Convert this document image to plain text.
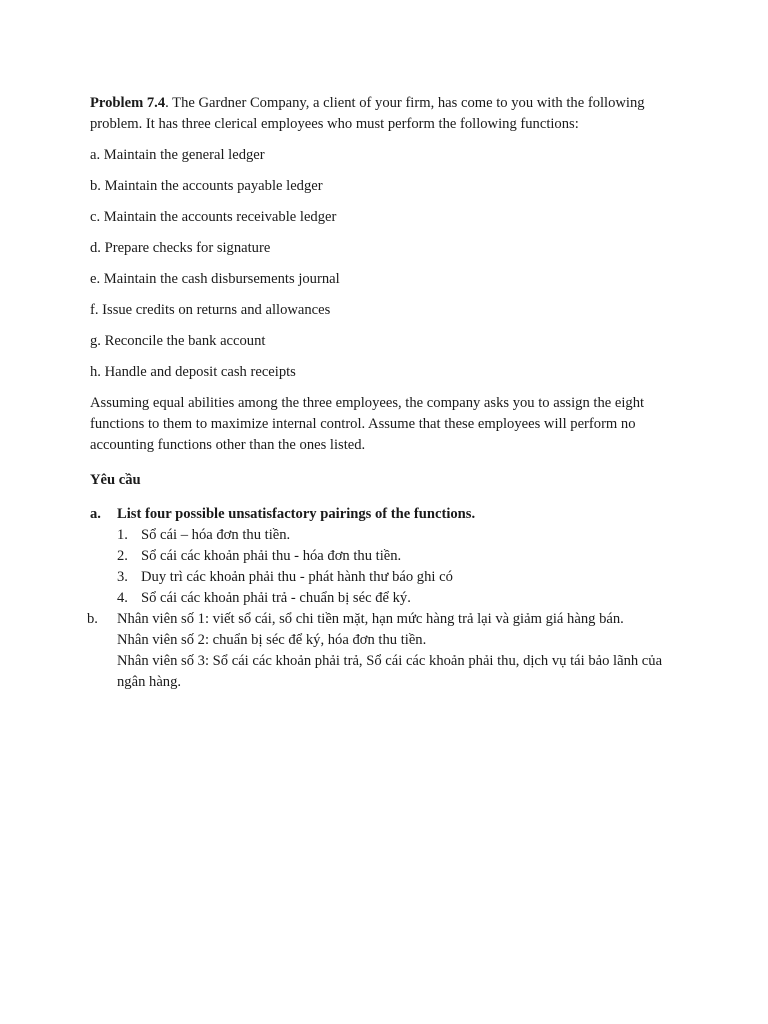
Problem 7.4. The Gardner Company, a client of your firm, has come to you with the following problem. It has three clerical employees who must perform the following functions:

a. Maintain the general ledger

b. Maintain the accounts payable ledger

c. Maintain the accounts receivable ledger

d. Prepare checks for signature

e. Maintain the cash disbursements journal

f. Issue credits on returns and allowances

g. Reconcile the bank account

h. Handle and deposit cash receipts

Assuming equal abilities among the three employees, the company asks you to assign the eight functions to them to maximize internal control. Assume that these employees will perform no accounting functions other than the ones listed.

Yêu cầu

a. List four possible unsatisfactory pairings of the functions.
1. Sổ cái – hóa đơn thu tiền.
2. Sổ cái các khoản phải thu - hóa đơn thu tiền.
3. Duy trì các khoản phải thu - phát hành thư báo ghi có
4. Sổ cái các khoản phải trả - chuẩn bị séc để ký.
b. Nhân viên số 1: viết sổ cái, sổ chi tiền mặt, hạn mức hàng trả lại và giảm giá hàng bán.
Nhân viên số 2: chuẩn bị séc để ký, hóa đơn thu tiền.
Nhân viên số 3: Sổ cái các khoản phải trả, Sổ cái các khoản phải thu, dịch vụ tái bảo lãnh của ngân hàng.
